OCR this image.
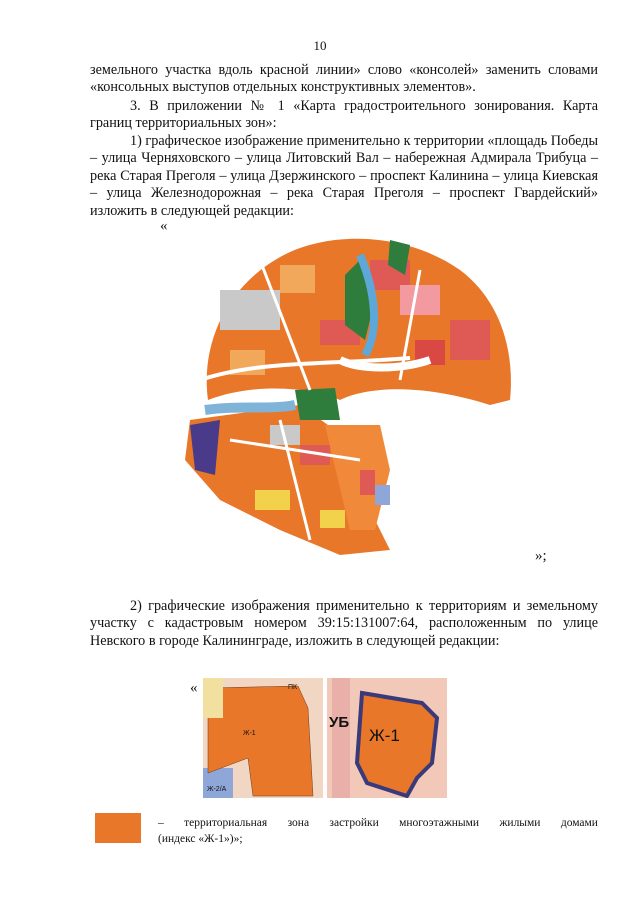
10

земельного участка вдоль красной линии» слово «консолей» заменить словами «консольных выступов отдельных конструктивных элементов».

3. В приложении № 1 «Карта градостроительного зонирования. Карта границ территориальных зон»:

1) графическое изображение применительно к территории «площадь Победы – улица Черняховского – улица Литовский Вал – набережная Адмирала Трибуца – река Старая Преголя – улица Дзержинского – проспект Калинина – улица Киевская – улица Железнодорожная – река Старая Преголя – проспект Гвардейский» изложить в следующей редакции:

«
»;

2) графические изображения применительно к территориям и земельному участку с кадастровым номером 39:15:131007:64, расположенным по улице Невского в городе Калининграде, изложить в следующей редакции:

«
Ж-1
ПК
Ж-2/А
Ж-1
УБ
– территориальная зона застройки многоэтажными жилыми домами
(индекс «Ж-1»)»;
